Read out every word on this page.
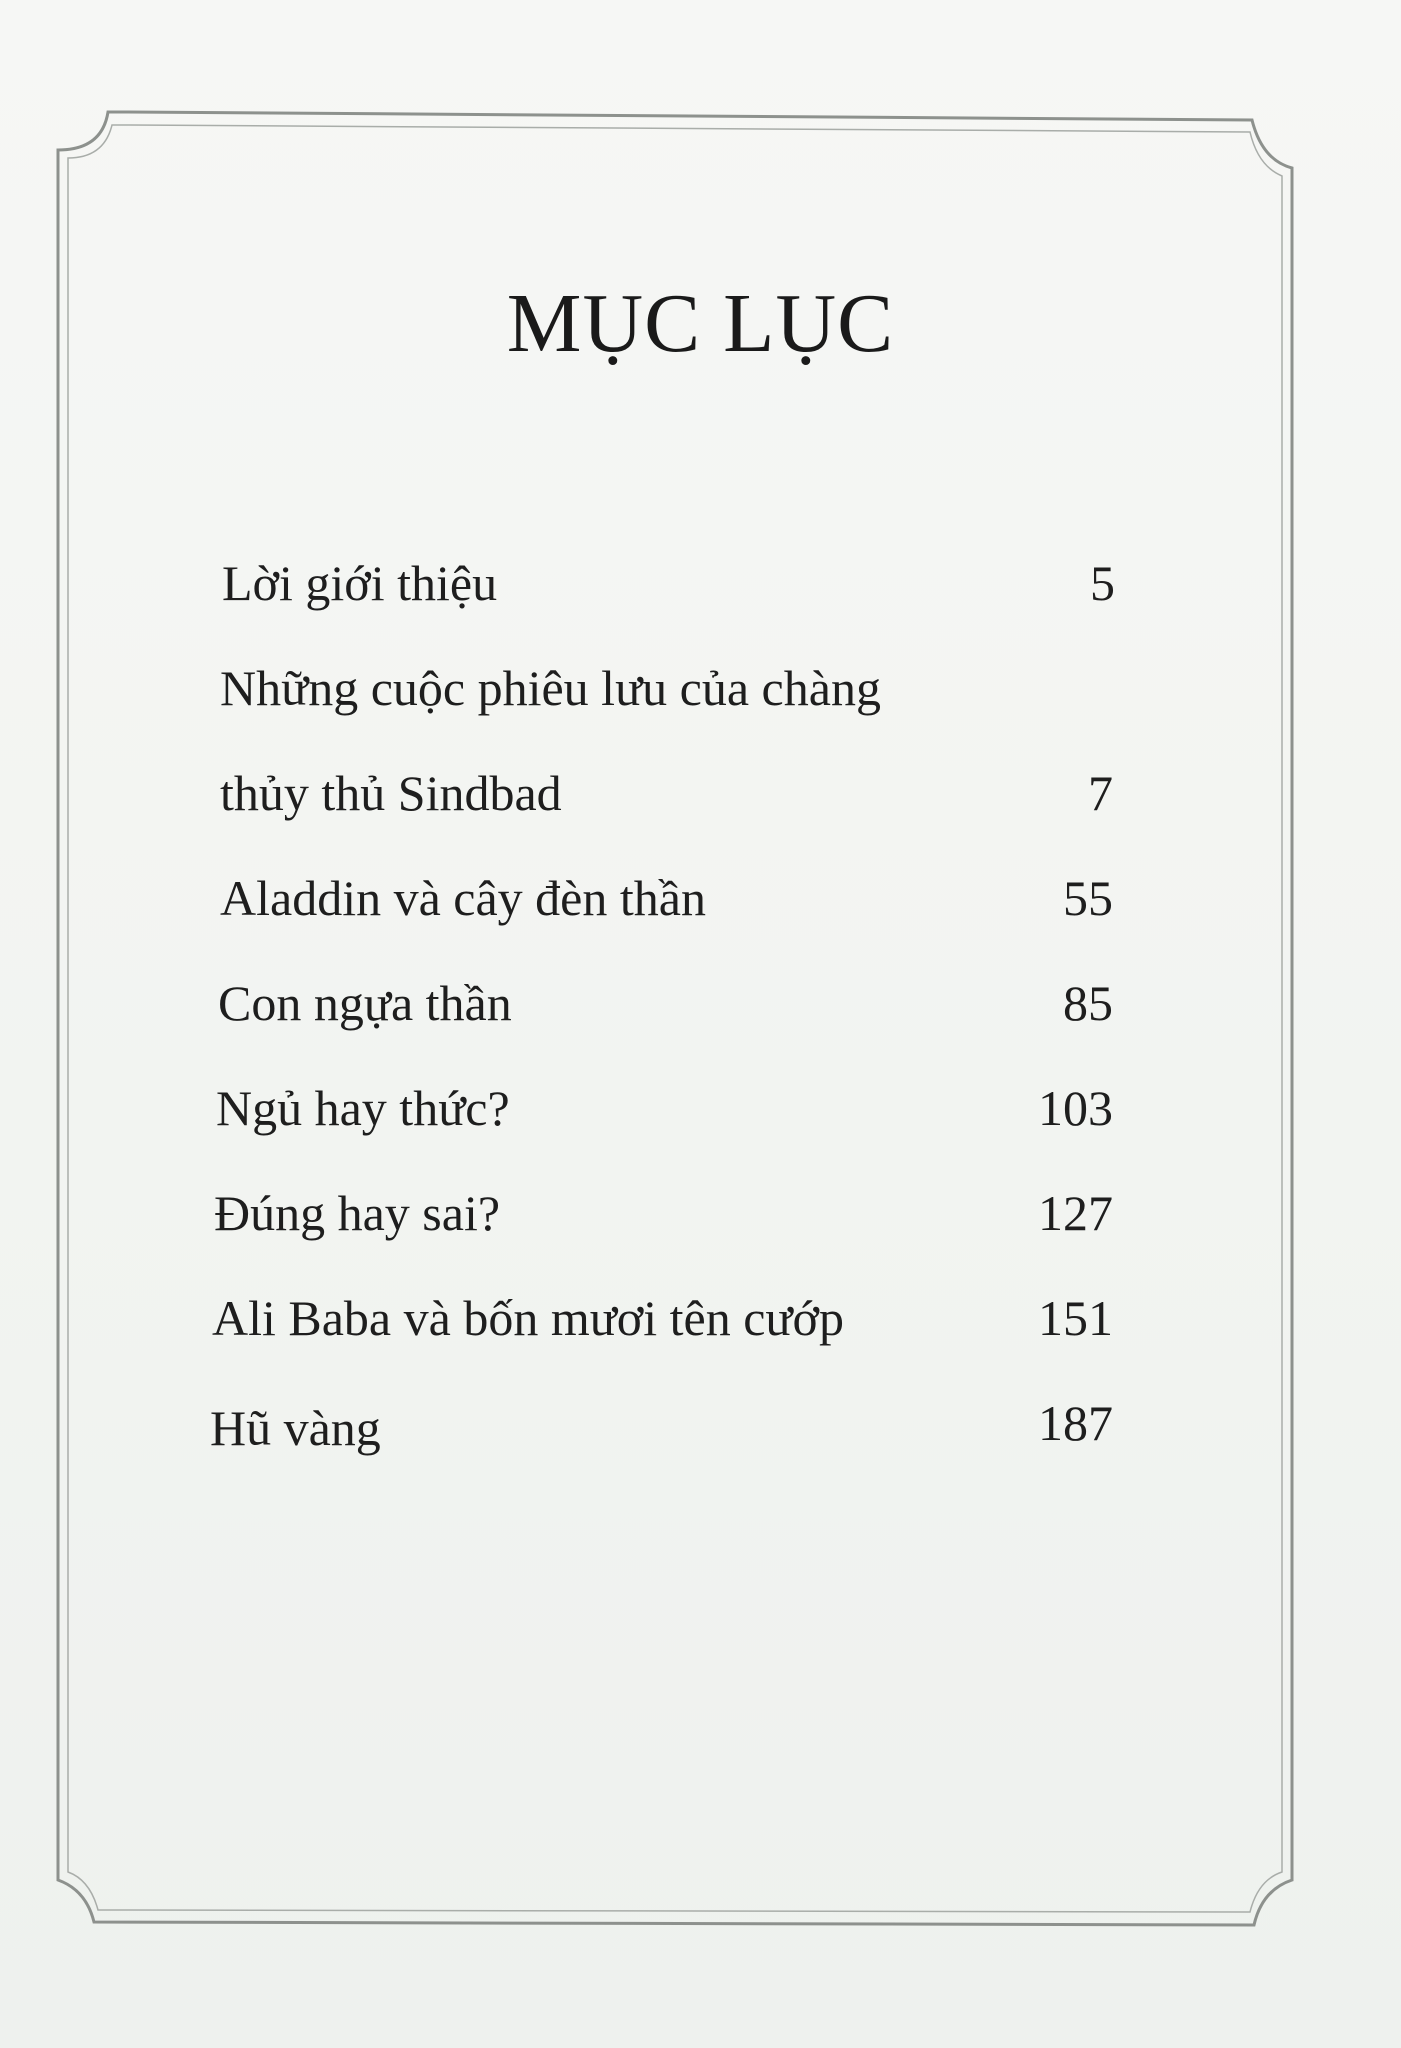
MỤC LỤC
Lời giới thiệu	5
Những cuộc phiêu lưu của chàng
thủy thủ Sindbad	7
Aladdin và cây đèn thần	55
Con ngựa thần	85
Ngủ hay thức?	103
Đúng hay sai?	127
Ali Baba và bốn mươi tên cướp	151
Hũ vàng	187
